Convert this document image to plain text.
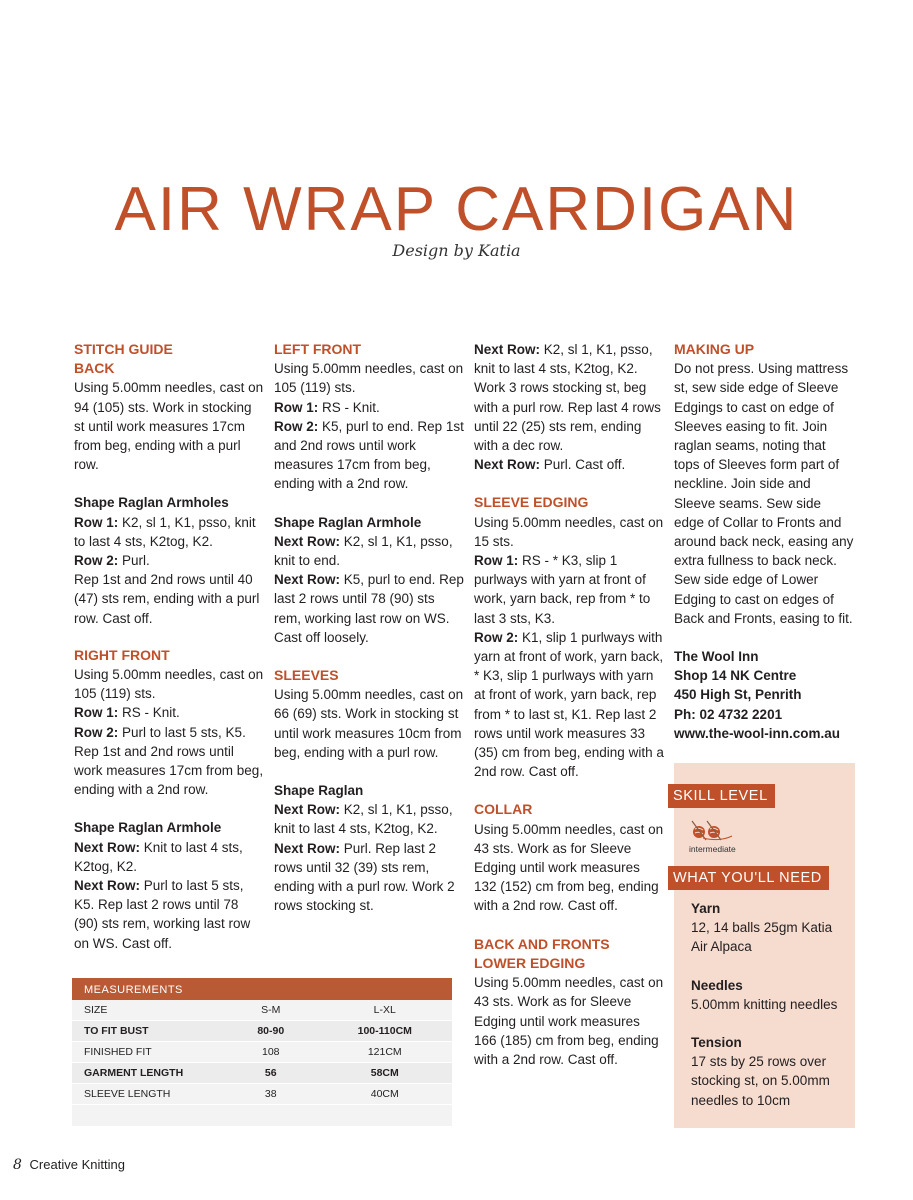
AIR WRAP CARDIGAN
Design by Katia

STITCH GUIDE

BACK

Using 5.00mm needles, cast on 94 (105) sts. Work in stocking st until work measures 17cm from beg, ending with a purl row.

Shape Raglan Armholes

Row 1: K2, sl 1, K1, psso, knit to last 4 sts, K2tog, K2.

Row 2: Purl.

Rep 1st and 2nd rows until 40 (47) sts rem, ending with a purl row. Cast off.

RIGHT FRONT

Using 5.00mm needles, cast on 105 (119) sts.

Row 1: RS - Knit.

Row 2: Purl to last 5 sts, K5. Rep 1st and 2nd rows until work measures 17cm from beg, ending with a 2nd row.

Shape Raglan Armhole

Next Row: Knit to last 4 sts, K2tog, K2.

Next Row: Purl to last 5 sts, K5. Rep last 2 rows until 78 (90) sts rem, working last row on WS. Cast off.

LEFT FRONT

Using 5.00mm needles, cast on 105 (119) sts.

Row 1: RS - Knit.

Row 2: K5, purl to end. Rep 1st and 2nd rows until work measures 17cm from beg, ending with a 2nd row.

Shape Raglan Armhole

Next Row: K2, sl 1, K1, psso, knit to end.

Next Row: K5, purl to end. Rep last 2 rows until 78 (90) sts rem, working last row on WS. Cast off loosely.

SLEEVES

Using 5.00mm needles, cast on 66 (69) sts. Work in stocking st until work measures 10cm from beg, ending with a purl row.

Shape Raglan

Next Row: K2, sl 1, K1, psso, knit to last 4 sts, K2tog, K2.

Next Row: Purl. Rep last 2 rows until 32 (39) sts rem, ending with a purl row. Work 2 rows stocking st.

Next Row: K2, sl 1, K1, psso, knit to last 4 sts, K2tog, K2. Work 3 rows stocking st, beg with a purl row. Rep last 4 rows until 22 (25) sts rem, ending with a dec row.

Next Row: Purl. Cast off.

SLEEVE EDGING

Using 5.00mm needles, cast on 15 sts.

Row 1: RS - * K3, slip 1 purlways with yarn at front of work, yarn back, rep from * to last 3 sts, K3.

Row 2: K1, slip 1 purlways with yarn at front of work, yarn back, * K3, slip 1 purlways with yarn at front of work, yarn back, rep from * to last st, K1. Rep last 2 rows until work measures 33 (35) cm from beg, ending with a 2nd row. Cast off.

COLLAR

Using 5.00mm needles, cast on 43 sts. Work as for Sleeve Edging until work measures 132 (152) cm from beg, ending with a 2nd row. Cast off.

BACK AND FRONTS

LOWER EDGING

Using 5.00mm needles, cast on 43 sts. Work as for Sleeve Edging until work measures 166 (185) cm from beg, ending with a 2nd row. Cast off.

MAKING UP

Do not press. Using mattress st, sew side edge of Sleeve Edgings to cast on edge of Sleeves easing to fit. Join raglan seams, noting that tops of Sleeves form part of neckline. Join side and Sleeve seams. Sew side edge of Collar to Fronts and around back neck, easing any extra fullness to back neck. Sew side edge of Lower Edging to cast on edges of Back and Fronts, easing to fit.

The Wool Inn

Shop 14 NK Centre

450 High St, Penrith

Ph: 02 4732 2201

www.the-wool-inn.com.au

MEASUREMENTS
SIZE	S-M	L-XL
TO FIT BUST	80-90	100-110CM
FINISHED FIT	108	121CM
GARMENT LENGTH	56	58CM
SLEEVE LENGTH	38	40CM
SKILL LEVEL
intermediate
WHAT YOU'LL NEED

Yarn

12, 14 balls 25gm Katia Air Alpaca

Needles

5.00mm knitting needles

Tension

17 sts by 25 rows over stocking st, on 5.00mm needles to 10cm

8 Creative Knitting
